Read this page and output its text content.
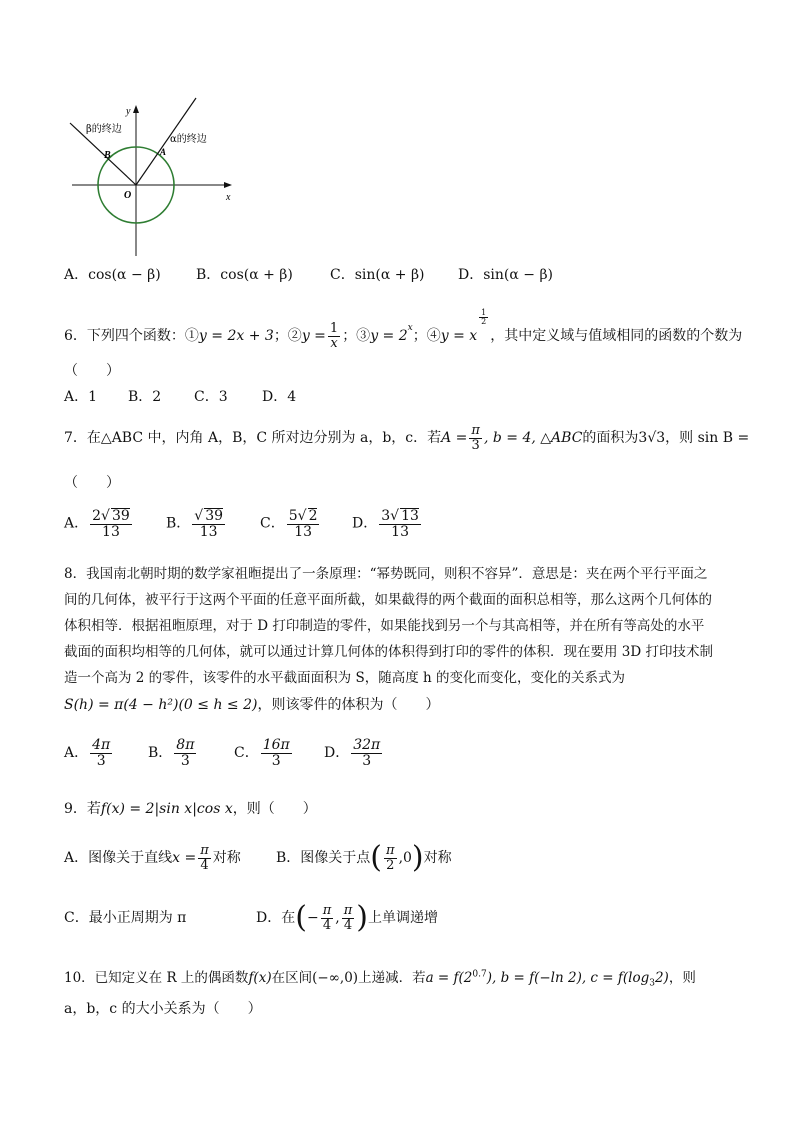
y
x
O
β的终边
α的终边
B	A
A．cos(α − β)	B．cos(α + β)	C．sin(α + β) D．sin(α − β)
6．下列四个函数：①y = 2x + 3；②y = $\frac{1}{x}$ ；③y = $2^x$；④y = x
$\frac{1}{2}$
，其中定义域与值域相同的函数的个数为
（　　）
A．1 B．2 C．3 D．4
7．在△ABC 中，内角 A，B，C 所对边分别为 a，b，c．若$A = \frac{\pi}{3}$ , b = 4, △ABC的面积为3√3，则 sin B =
（　　）
A． $\frac{2√ 39}{13}$ B． $\frac{√ 39}{13}$ C． $\frac{5√ 2}{13}$ D． $\frac{3√ 13}{13}$
8．我国南北朝时期的数学家祖暅提出了一条原理：“幂势既同，则积不容异”．意思是：夹在两个平行平面之
间的几何体，被平行于这两个平面的任意平面所截，如果截得的两个截面的面积总相等，那么这两个几何体的
体积相等．根据祖暅原理，对于 D 打印制造的零件，如果能找到另一个与其高相等，并在所有等高处的水平
截面的面积均相等的几何体，就可以通过计算几何体的体积得到打印的零件的体积．现在要用 3D 打印技术制
造一个高为 2 的零件，该零件的水平截面面积为 S，随高度 h 的变化而变化，变化的关系式为
S(h) = π(4 − h²)(0 ≤ h ≤ 2)，则该零件的体积为（　　）
A． $\frac{4\pi}{3}$	B． $\frac{8\pi}{3}$	C． $\frac{16\pi}{3}$ D． $\frac{32\pi}{3}$
9．若f(x) = 2|sin x|cos x，则（　　）
A．图像关于直线$x = \frac{\pi}{4}$ 对称	B．图像关于点( $\frac{\pi}{2} ,0$)对称
C．最小正周期为 π	D．在(− $\frac{\pi}{4}$ , $\frac{\pi}{4}$ )上单调递增
10．已知定义在 R 上的偶函数f(x)在区间(−∞,0)上递减．若$a = f(2^{0.7})$, b = f(−ln 2), $c = f(\log_32)$，则
a，b，c 的大小关系为（　　）
